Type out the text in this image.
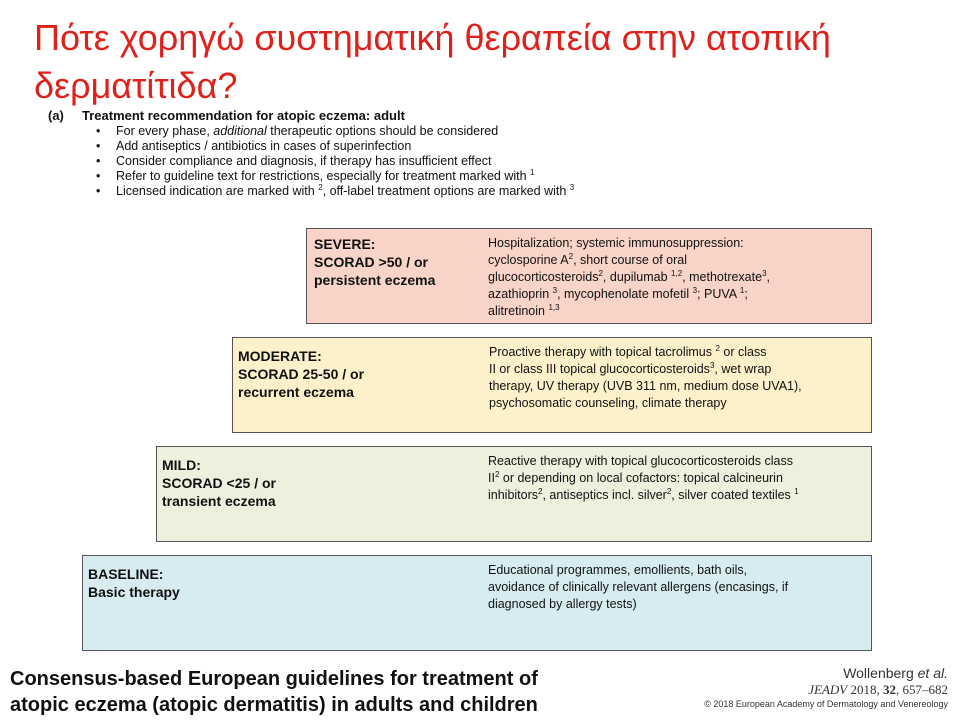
Πότε χορηγώ συστηματική θεραπεία στην ατοπική
δερματίτιδα?
(a) Treatment recommendation for atopic eczema: adult
• For every phase, additional therapeutic options should be considered
• Add antiseptics / antibiotics in cases of superinfection
• Consider compliance and diagnosis, if therapy has insufficient effect
• Refer to guideline text for restrictions, especially for treatment marked with $^1$
• Licensed indication are marked with $^2$, off-label treatment options are marked with $^3$
SEVERE:
SCORAD >50 / or
persistent eczema
Hospitalization; systemic immunosuppression:
cyclosporine $A^2$, short course of oral
glucocorticosteroids$^2$, dupilumab $^{1,2}$, methotrexate$^3$,
azathioprin $^3$, mycophenolate mofetil $^3$; PUVA $^1$;
alitretinoin $^{1,3}$
MODERATE:
SCORAD 25-50 / or
recurrent eczema
Proactive therapy with topical tacrolimus $^2$ or class
II or class III topical glucocorticosteroids$^3$, wet wrap
therapy, UV therapy (UVB 311 nm, medium dose UVA1),
psychosomatic counseling, climate therapy
MILD:
SCORAD <25 / or
transient eczema
Reactive therapy with topical glucocorticosteroids class
$II^2$ or depending on local cofactors: topical calcineurin
inhibitors$^2$, antiseptics incl. silver$^2$, silver coated textiles $^1$
BASELINE:
Basic therapy
Educational programmes, emollients, bath oils,
avoidance of clinically relevant allergens (encasings, if
diagnosed by allergy tests)
Consensus-based European guidelines for treatment of
atopic eczema (atopic dermatitis) in adults and children
Wollenberg et al.
JEADV 2018, 32, 657–682
© 2018 European Academy of Dermatology and Venereology
